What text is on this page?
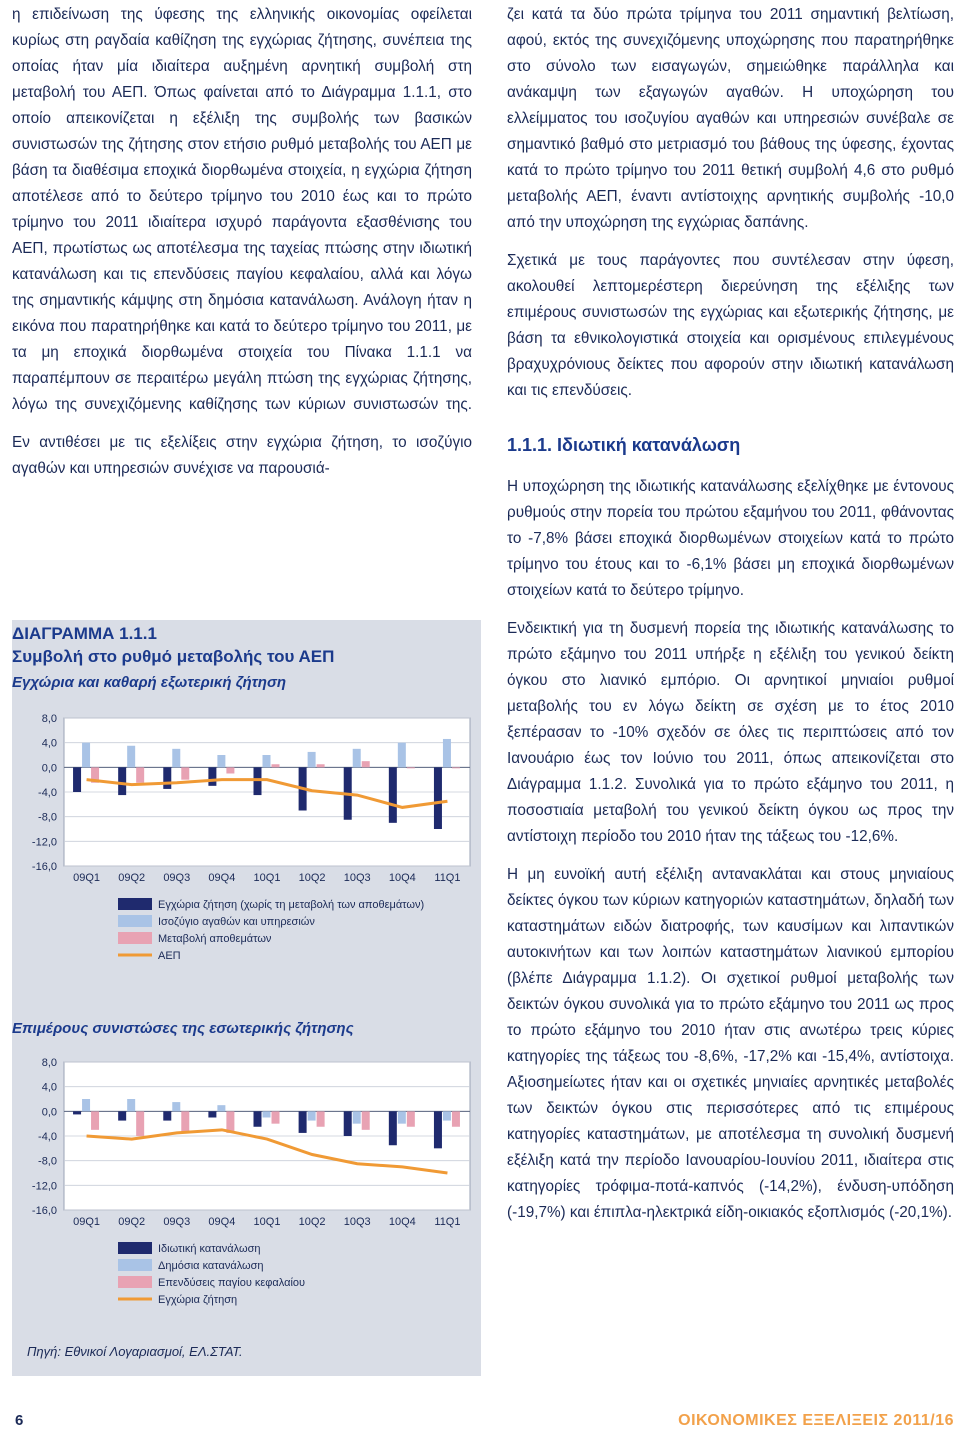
η επιδείνωση της ύφεσης της ελληνικής οικονομίας οφείλεται κυρίως στη ραγδαία καθίζηση της εγχώριας ζήτησης, συνέπεια της οποίας ήταν μία ιδιαίτερα αυξημένη αρνητική συμβολή στη μεταβολή του ΑΕΠ. Όπως φαίνεται από το Διάγραμμα 1.1.1, στο οποίο απεικονίζεται η εξέλιξη της συμβολής των βασικών συνιστωσών της ζήτησης στον ετήσιο ρυθμό μεταβολής του ΑΕΠ με βάση τα διαθέσιμα εποχικά διορθωμένα στοιχεία, η εγχώρια ζήτηση αποτέλεσε από το δεύτερο τρίμηνο του 2010 έως και το πρώτο τρίμηνο του 2011 ιδιαίτερα ισχυρό παράγοντα εξασθένισης του ΑΕΠ, πρωτίστως ως αποτέλεσμα της ταχείας πτώσης στην ιδιωτική κατανάλωση και τις επενδύσεις παγίου κεφαλαίου, αλλά και λόγω της σημαντικής κάμψης στη δημόσια κατανάλωση. Ανάλογη ήταν η εικόνα που παρατηρήθηκε και κατά το δεύτερο τρίμηνο του 2011, με τα μη εποχικά διορθωμένα στοιχεία του Πίνακα 1.1.1 να παραπέμπουν σε περαιτέρω μεγάλη πτώση της εγχώριας ζήτησης, λόγω της συνεχιζόμενης καθίζησης των κύριων συνιστωσών της.

Εν αντιθέσει με τις εξελίξεις στην εγχώρια ζήτηση, το ισοζύγιο αγαθών και υπηρεσιών συνέχισε να παρουσιά-

ΔΙΑΓΡΑΜΜΑ 1.1.1
Συμβολή στο ρυθμό μεταβολής του ΑΕΠ
Εγχώρια και καθαρή εξωτερική ζήτηση
8,0
4,0
0,0
-4,0
-8,0
-12,0
-16,0
09Q1 09Q2 09Q3 09Q4 10Q1 10Q2 10Q3 10Q4 11Q1
Εγχώρια ζήτηση (χωρίς τη μεταβολή των αποθεμάτων)
Ισοζύγιο αγαθών και υπηρεσιών
Μεταβολή αποθεμάτων
ΑΕΠ
Επιμέρους συνιστώσες της εσωτερικής ζήτησης
8,0
4,0
0,0
-4,0
-8,0
-12,0
-16,0
09Q1 09Q2 09Q3 09Q4 10Q1 10Q2 10Q3 10Q4 11Q1
Ιδιωτική κατανάλωση
Δημόσια κατανάλωση
Επενδύσεις παγίου κεφαλαίου
Εγχώρια ζήτηση
Πηγή: Εθνικοί Λογαριασμοί, ΕΛ.ΣΤΑΤ.

ζει κατά τα δύο πρώτα τρίμηνα του 2011 σημαντική βελτίωση, αφού, εκτός της συνεχιζόμενης υποχώρησης που παρατηρήθηκε στο σύνολο των εισαγωγών, σημειώθηκε παράλληλα και ανάκαμψη των εξαγωγών αγαθών. Η υποχώρηση του ελλείμματος του ισοζυγίου αγαθών και υπηρεσιών συνέβαλε σε σημαντικό βαθμό στο μετριασμό του βάθους της ύφεσης, έχοντας κατά το πρώτο τρίμηνο του 2011 θετική συμβολή 4,6 στο ρυθμό μεταβολής ΑΕΠ, έναντι αντίστοιχης αρνητικής συμβολής -10,0 από την υποχώρηση της εγχώριας δαπάνης.

Σχετικά με τους παράγοντες που συντέλεσαν στην ύφεση, ακολουθεί λεπτομερέστερη διερεύνηση της εξέλιξης των επιμέρους συνιστωσών της εγχώριας και εξωτερικής ζήτησης, με βάση τα εθνικολογιστικά στοιχεία και ορισμένους επιλεγμένους βραχυχρόνιους δείκτες που αφορούν στην ιδιωτική κατανάλωση και τις επενδύσεις.

1.1.1. Ιδιωτική κατανάλωση

Η υποχώρηση της ιδιωτικής κατανάλωσης εξελίχθηκε με έντονους ρυθμούς στην πορεία του πρώτου εξαμήνου του 2011, φθάνοντας το -7,8% βάσει εποχικά διορθωμένων στοιχείων κατά το πρώτο τρίμηνο του έτους και το -6,1% βάσει μη εποχικά διορθωμένων στοιχείων κατά το δεύτερο τρίμηνο.

Ενδεικτική για τη δυσμενή πορεία της ιδιωτικής κατανάλωσης το πρώτο εξάμηνο του 2011 υπήρξε η εξέλιξη του γενικού δείκτη όγκου στο λιανικό εμπόριο. Οι αρνητικοί μηνιαίοι ρυθμοί μεταβολής του εν λόγω δείκτη σε σχέση με το έτος 2010 ξεπέρασαν το -10% σχεδόν σε όλες τις περιπτώσεις από τον Ιανουάριο έως τον Ιούνιο του 2011, όπως απεικονίζεται στο Διάγραμμα 1.1.2. Συνολικά για το πρώτο εξάμηνο του 2011, η ποσοστιαία μεταβολή του γενικού δείκτη όγκου ως προς την αντίστοιχη περίοδο του 2010 ήταν της τάξεως του -12,6%.

Η μη ευνοϊκή αυτή εξέλιξη αντανακλάται και στους μηνιαίους δείκτες όγκου των κύριων κατηγοριών καταστημάτων, δηλαδή των καταστημάτων ειδών διατροφής, των καυσίμων και λιπαντικών αυτοκινήτων και των λοιπών καταστημάτων λιανικού εμπορίου (βλέπε Διάγραμμα 1.1.2). Οι σχετικοί ρυθμοί μεταβολής των δεικτών όγκου συνολικά για το πρώτο εξάμηνο του 2011 ως προς το πρώτο εξάμηνο του 2010 ήταν στις ανωτέρω τρεις κύριες κατηγορίες της τάξεως του -8,6%, -17,2% και -15,4%, αντίστοιχα. Αξιοσημείωτες ήταν και οι σχετικές μηνιαίες αρνητικές μεταβολές των δεικτών όγκου στις περισσότερες από τις επιμέρους κατηγορίες καταστημάτων, με αποτέλεσμα τη συνολική δυσμενή εξέλιξη κατά την περίοδο Ιανουαρίου-Ιουνίου 2011, ιδιαίτερα στις κατηγορίες τρόφιμα-ποτά-καπνός (-14,2%), ένδυση-υπόδηση (-19,7%) και έπιπλα-ηλεκτρικά είδη-οικιακός εξοπλισμός (-20,1%).

6	ΟΙΚΟΝΟΜΙΚΕΣ ΕΞΕΛΙΞΕΙΣ 2011/16
